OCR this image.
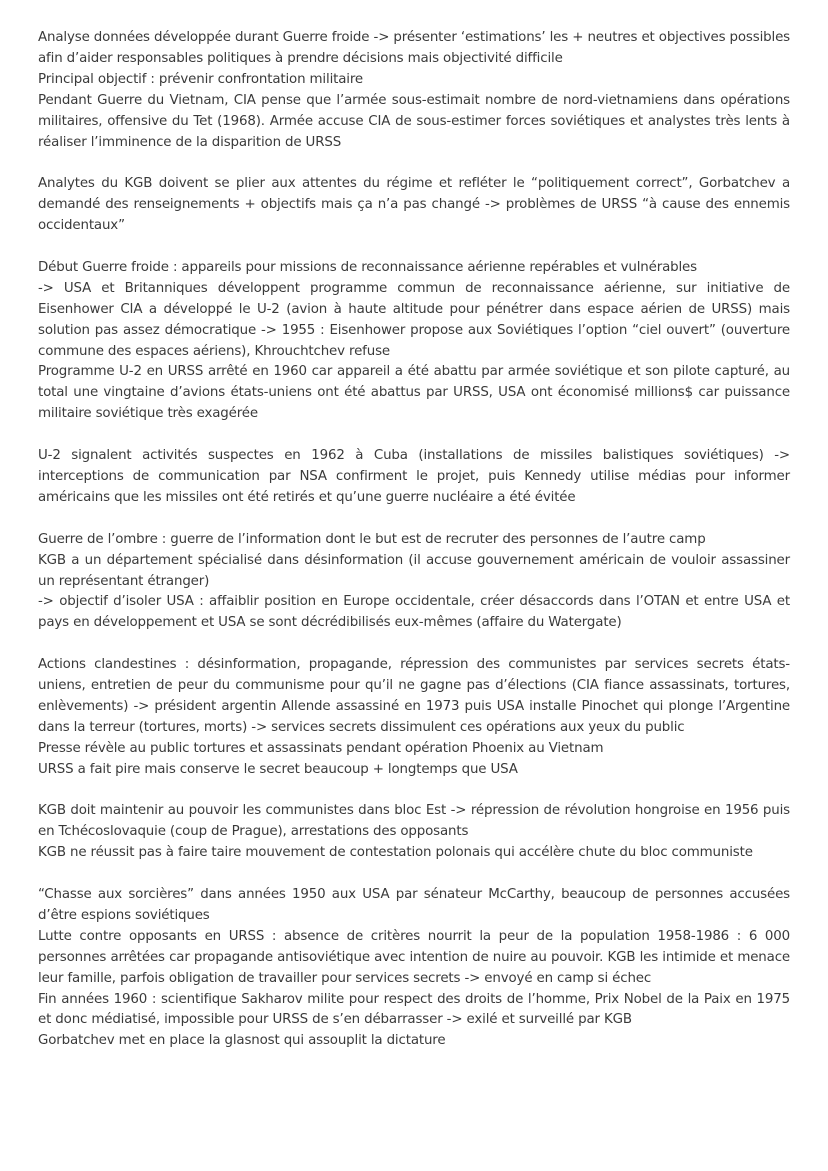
Analyse données développée durant Guerre froide -> présenter ‘estimations’ les + neutres et objectives possibles afin d’aider responsables politiques à prendre décisions mais objectivité difficile

Principal objectif : prévenir confrontation militaire

Pendant Guerre du Vietnam, CIA pense que l’armée sous-estimait nombre de nord-vietnamiens dans opérations militaires, offensive du Tet (1968). Armée accuse CIA de sous-estimer forces soviétiques et analystes très lents à réaliser l’imminence de la disparition de URSS

Analytes du KGB doivent se plier aux attentes du régime et refléter le “politiquement correct”, Gorbatchev a demandé des renseignements + objectifs mais ça n’a pas changé -> problèmes de URSS “à cause des ennemis occidentaux”

Début Guerre froide : appareils pour missions de reconnaissance aérienne repérables et vulnérables

-> USA et Britanniques développent programme commun de reconnaissance aérienne, sur initiative de Eisenhower CIA a développé le U-2 (avion à haute altitude pour pénétrer dans espace aérien de URSS) mais solution pas assez démocratique -> 1955 : Eisenhower propose aux Soviétiques l’option “ciel ouvert” (ouverture commune des espaces aériens), Khrouchtchev refuse

Programme U-2 en URSS arrêté en 1960 car appareil a été abattu par armée soviétique et son pilote capturé, au total une vingtaine d’avions états-uniens ont été abattus par URSS, USA ont économisé millions$ car puissance militaire soviétique très exagérée

U-2 signalent activités suspectes en 1962 à Cuba (installations de missiles balistiques soviétiques) -> interceptions de communication par NSA confirment le projet, puis Kennedy utilise médias pour informer américains que les missiles ont été retirés et qu’une guerre nucléaire a été évitée

Guerre de l’ombre : guerre de l’information dont le but est de recruter des personnes de l’autre camp

KGB a un département spécialisé dans désinformation (il accuse gouvernement américain de vouloir assassiner un représentant étranger)

-> objectif d’isoler USA : affaiblir position en Europe occidentale, créer désaccords dans l’OTAN et entre USA et pays en développement et USA se sont décrédibilisés eux-mêmes (affaire du Watergate)

Actions clandestines : désinformation, propagande, répression des communistes par services secrets états-uniens, entretien de peur du communisme pour qu’il ne gagne pas d’élections (CIA fiance assassinats, tortures, enlèvements) -> président argentin Allende assassiné en 1973 puis USA installe Pinochet qui plonge l’Argentine dans la terreur (tortures, morts) -> services secrets dissimulent ces opérations aux yeux du public

Presse révèle au public tortures et assassinats pendant opération Phoenix au Vietnam

URSS a fait pire mais conserve le secret beaucoup + longtemps que USA

KGB doit maintenir au pouvoir les communistes dans bloc Est -> répression de révolution hongroise en 1956 puis en Tchécoslovaquie (coup de Prague), arrestations des opposants

KGB ne réussit pas à faire taire mouvement de contestation polonais qui accélère chute du bloc communiste

“Chasse aux sorcières” dans années 1950 aux USA par sénateur McCarthy, beaucoup de personnes accusées d’être espions soviétiques

Lutte contre opposants en URSS : absence de critères nourrit la peur de la population 1958-1986 : 6 000 personnes arrêtées car propagande antisoviétique avec intention de nuire au pouvoir. KGB les intimide et menace leur famille, parfois obligation de travailler pour services secrets -> envoyé en camp si échec

Fin années 1960 : scientifique Sakharov milite pour respect des droits de l’homme, Prix Nobel de la Paix en 1975 et donc médiatisé, impossible pour URSS de s’en débarrasser -> exilé et surveillé par KGB

Gorbatchev met en place la glasnost qui assouplit la dictature
